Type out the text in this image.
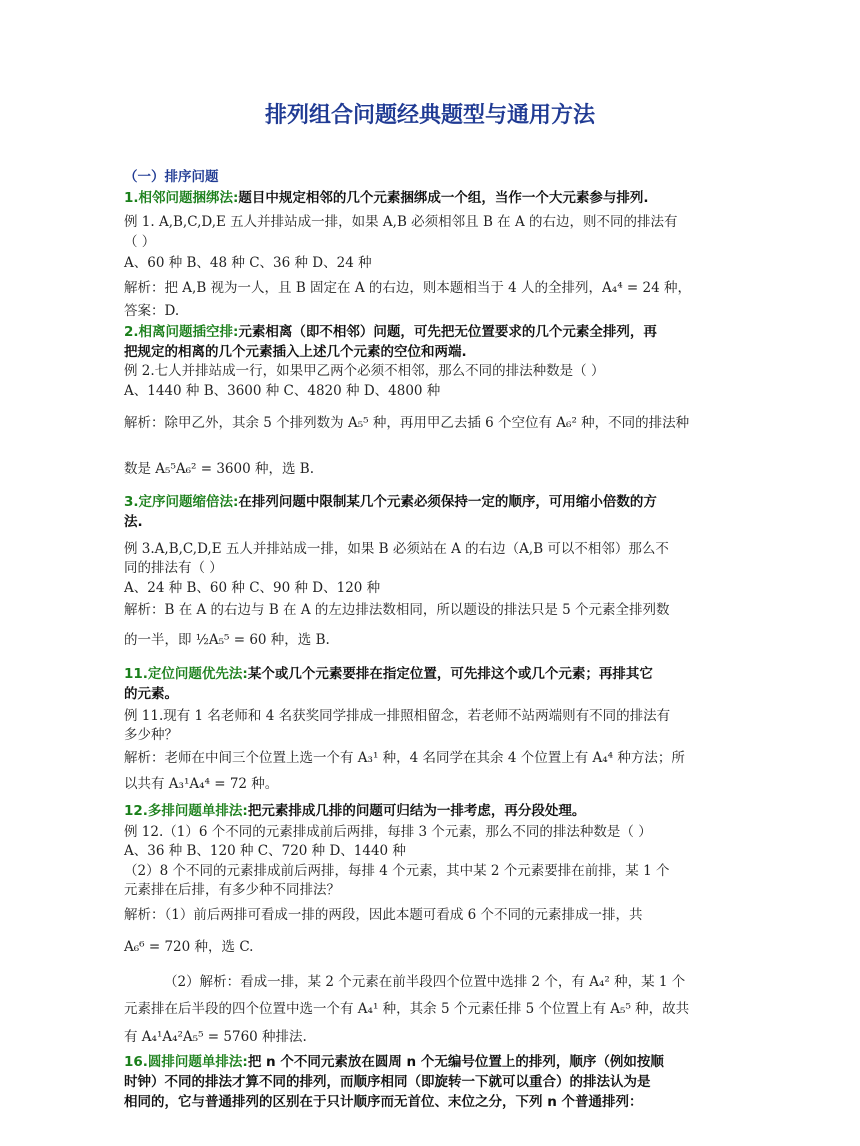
排列组合问题经典题型与通用方法
（一）排序问题
1.相邻问题捆绑法:题目中规定相邻的几个元素捆绑成一个组，当作一个大元素参与排列.
例 1. A,B,C,D,E 五人并排站成一排，如果 A,B 必须相邻且 B 在 A 的右边，则不同的排法有
（ ）
A、60 种 B、48 种 C、36 种 D、24 种
解析：把 A,B 视为一人，且 B 固定在 A 的右边，则本题相当于 4 人的全排列，A₄⁴ = 24 种，
答案：D.
2.相离问题插空排:元素相离（即不相邻）问题，可先把无位置要求的几个元素全排列，再
把规定的相离的几个元素插入上述几个元素的空位和两端.
例 2.七人并排站成一行，如果甲乙两个必须不相邻，那么不同的排法种数是（ ）
A、1440 种 B、3600 种 C、4820 种 D、4800 种
解析：除甲乙外，其余 5 个排列数为 A₅⁵ 种，再用甲乙去插 6 个空位有 A₆² 种，不同的排法种
数是 A₅⁵A₆² = 3600 种，选 B.
3.定序问题缩倍法:在排列问题中限制某几个元素必须保持一定的顺序，可用缩小倍数的方
法.
例 3.A,B,C,D,E 五人并排站成一排，如果 B 必须站在 A 的右边（A,B 可以不相邻）那么不
同的排法有（ ）
A、24 种 B、60 种 C、90 种 D、120 种
解析：B 在 A 的右边与 B 在 A 的左边排法数相同，所以题设的排法只是 5 个元素全排列数
的一半，即 ½A₅⁵ = 60 种，选 B.
11.定位问题优先法:某个或几个元素要排在指定位置，可先排这个或几个元素；再排其它
的元素。
例 11.现有 1 名老师和 4 名获奖同学排成一排照相留念，若老师不站两端则有不同的排法有
多少种？
解析：老师在中间三个位置上选一个有 A₃¹ 种，4 名同学在其余 4 个位置上有 A₄⁴ 种方法；所
以共有 A₃¹A₄⁴ = 72 种。
12.多排问题单排法:把元素排成几排的问题可归结为一排考虑，再分段处理。
例 12.（1）6 个不同的元素排成前后两排，每排 3 个元素，那么不同的排法种数是（ ）
A、36 种 B、120 种 C、720 种 D、1440 种
（2）8 个不同的元素排成前后两排，每排 4 个元素，其中某 2 个元素要排在前排，某 1 个
元素排在后排，有多少种不同排法？
解析：（1）前后两排可看成一排的两段，因此本题可看成 6 个不同的元素排成一排，共
A₆⁶ = 720 种，选 C.
（2）解析：看成一排，某 2 个元素在前半段四个位置中选排 2 个，有 A₄² 种，某 1 个
元素排在后半段的四个位置中选一个有 A₄¹ 种，其余 5 个元素任排 5 个位置上有 A₅⁵ 种，故共
有 A₄¹A₄²A₅⁵ = 5760 种排法.
16.圆排问题单排法:把 n 个不同元素放在圆周 n 个无编号位置上的排列，顺序（例如按顺
时钟）不同的排法才算不同的排列，而顺序相同（即旋转一下就可以重合）的排法认为是
相同的，它与普通排列的区别在于只计顺序而无首位、末位之分，下列 n 个普通排列：
